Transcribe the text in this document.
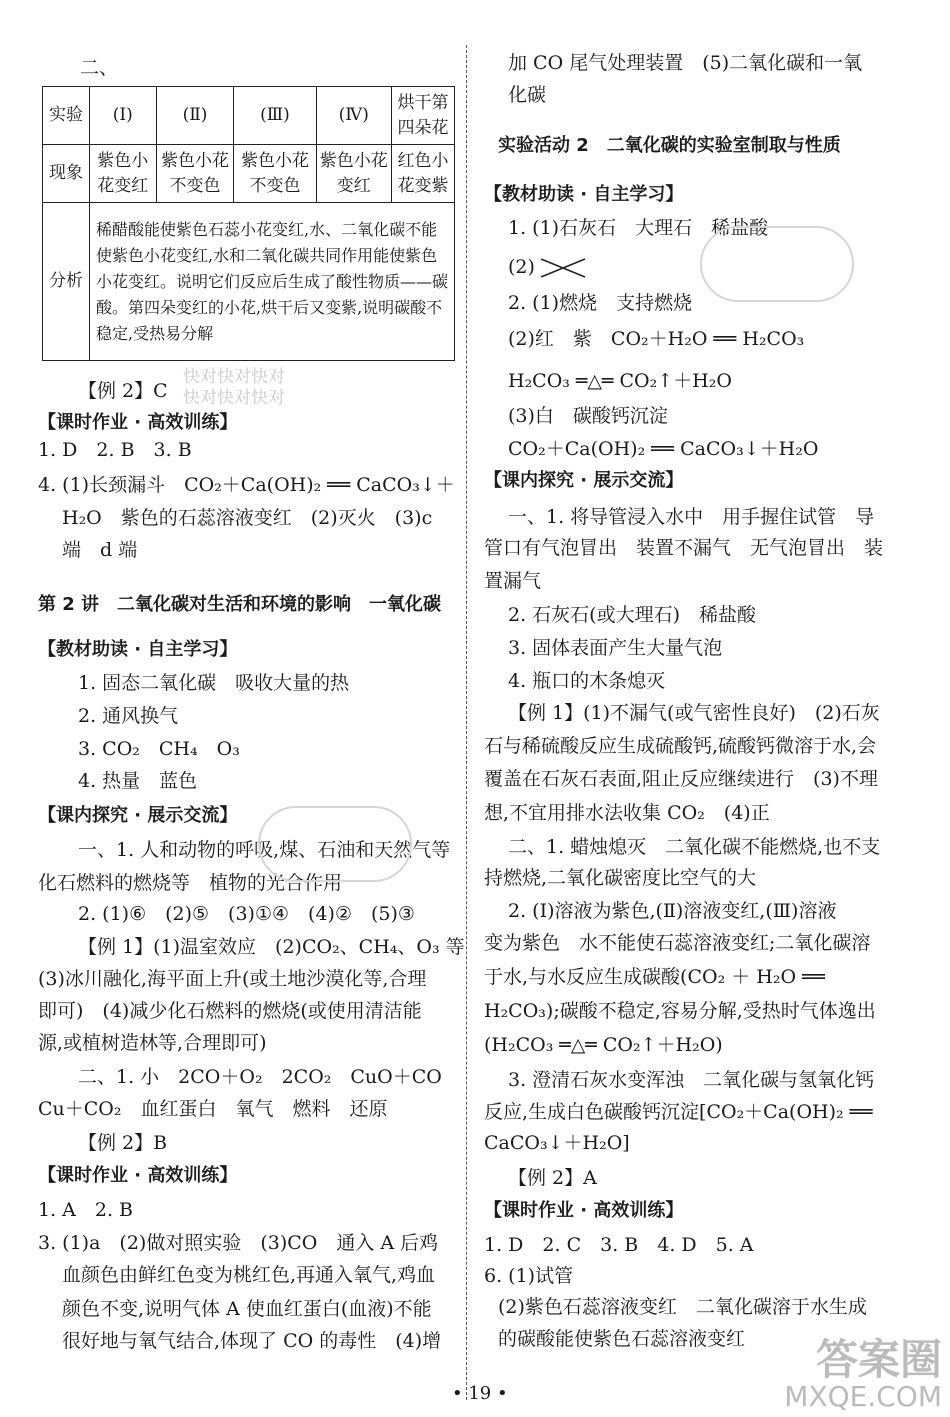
二、
实验	(Ⅰ)	(Ⅱ)	(Ⅲ)	(Ⅳ)	烘干第四朵花
现象	紫色小花变红	紫色小花不变色	紫色小花不变色	紫色小花变红	红色小花变紫
分析	稀醋酸能使紫色石蕊小花变红,水、二氧化碳不能使紫色小花变红,水和二氧化碳共同作用能使紫色小花变红。说明它们反应后生成了酸性物质——碳酸。第四朵变红的小花,烘干后又变紫,说明碳酸不稳定,受热易分解				
快对快对快对
快对快对快对
【例 2】C
【课时作业 · 高效训练】
1. D　2. B　3. B
4. (1)长颈漏斗　CO₂＋Ca(OH)₂ ══ CaCO₃↓＋
H₂O　紫色的石蕊溶液变红　(2)灭火　(3)c
端　d 端
第 2 讲　二氧化碳对生活和环境的影响　一氧化碳
【教材助读 · 自主学习】
1. 固态二氧化碳　吸收大量的热
2. 通风换气
3. CO₂　CH₄　O₃
4. 热量　蓝色
【课内探究 · 展示交流】
一、1. 人和动物的呼吸,煤、石油和天然气等
化石燃料的燃烧等　植物的光合作用
2. (1)⑥　(2)⑤　(3)①④　(4)②　(5)③
【例 1】(1)温室效应　(2)CO₂、CH₄、O₃ 等
(3)冰川融化,海平面上升(或土地沙漠化等,合理
即可)　(4)减少化石燃料的燃烧(或使用清洁能
源,或植树造林等,合理即可)
二、1. 小　2CO＋O₂　2CO₂　CuO＋CO
Cu＋CO₂　血红蛋白　氧气　燃料　还原
【例 2】B
【课时作业 · 高效训练】
1. A　2. B
3. (1)a　(2)做对照实验　(3)CO　通入 A 后鸡
血颜色由鲜红色变为桃红色,再通入氧气,鸡血
颜色不变,说明气体 A 使血红蛋白(血液)不能
很好地与氧气结合,体现了 CO 的毒性　(4)增
加 CO 尾气处理装置　(5)二氧化碳和一氧
化碳
实验活动 2　二氧化碳的实验室制取与性质
【教材助读 · 自主学习】
1. (1)石灰石　大理石　稀盐酸
(2)
2. (1)燃烧　支持燃烧
(2)红　紫　CO₂＋H₂O ══ H₂CO₃
H₂CO₃ ═△═ CO₂↑＋H₂O
(3)白　碳酸钙沉淀
CO₂＋Ca(OH)₂ ══ CaCO₃↓＋H₂O
【课内探究 · 展示交流】
一、1. 将导管浸入水中　用手握住试管　导
管口有气泡冒出　装置不漏气　无气泡冒出　装
置漏气
2. 石灰石(或大理石)　稀盐酸
3. 固体表面产生大量气泡
4. 瓶口的木条熄灭
【例 1】(1)不漏气(或气密性良好)　(2)石灰
石与稀硫酸反应生成硫酸钙,硫酸钙微溶于水,会
覆盖在石灰石表面,阻止反应继续进行　(3)不理
想,不宜用排水法收集 CO₂　(4)正
二、1. 蜡烛熄灭　二氧化碳不能燃烧,也不支
持燃烧,二氧化碳密度比空气的大
2. (Ⅰ)溶液为紫色,(Ⅱ)溶液变红,(Ⅲ)溶液
变为紫色　水不能使石蕊溶液变红;二氧化碳溶
于水,与水反应生成碳酸(CO₂ ＋ H₂O ══
H₂CO₃);碳酸不稳定,容易分解,受热时气体逸出
(H₂CO₃ ═△═ CO₂↑＋H₂O)
3. 澄清石灰水变浑浊　二氧化碳与氢氧化钙
反应,生成白色碳酸钙沉淀[CO₂＋Ca(OH)₂ ══
CaCO₃↓＋H₂O]
【例 2】A
【课时作业 · 高效训练】
1. D　2. C　3. B　4. D　5. A
6. (1)试管
(2)紫色石蕊溶液变红　二氧化碳溶于水生成
的碳酸能使紫色石蕊溶液变红
• 19 •
答案圈
MXQE.COM
